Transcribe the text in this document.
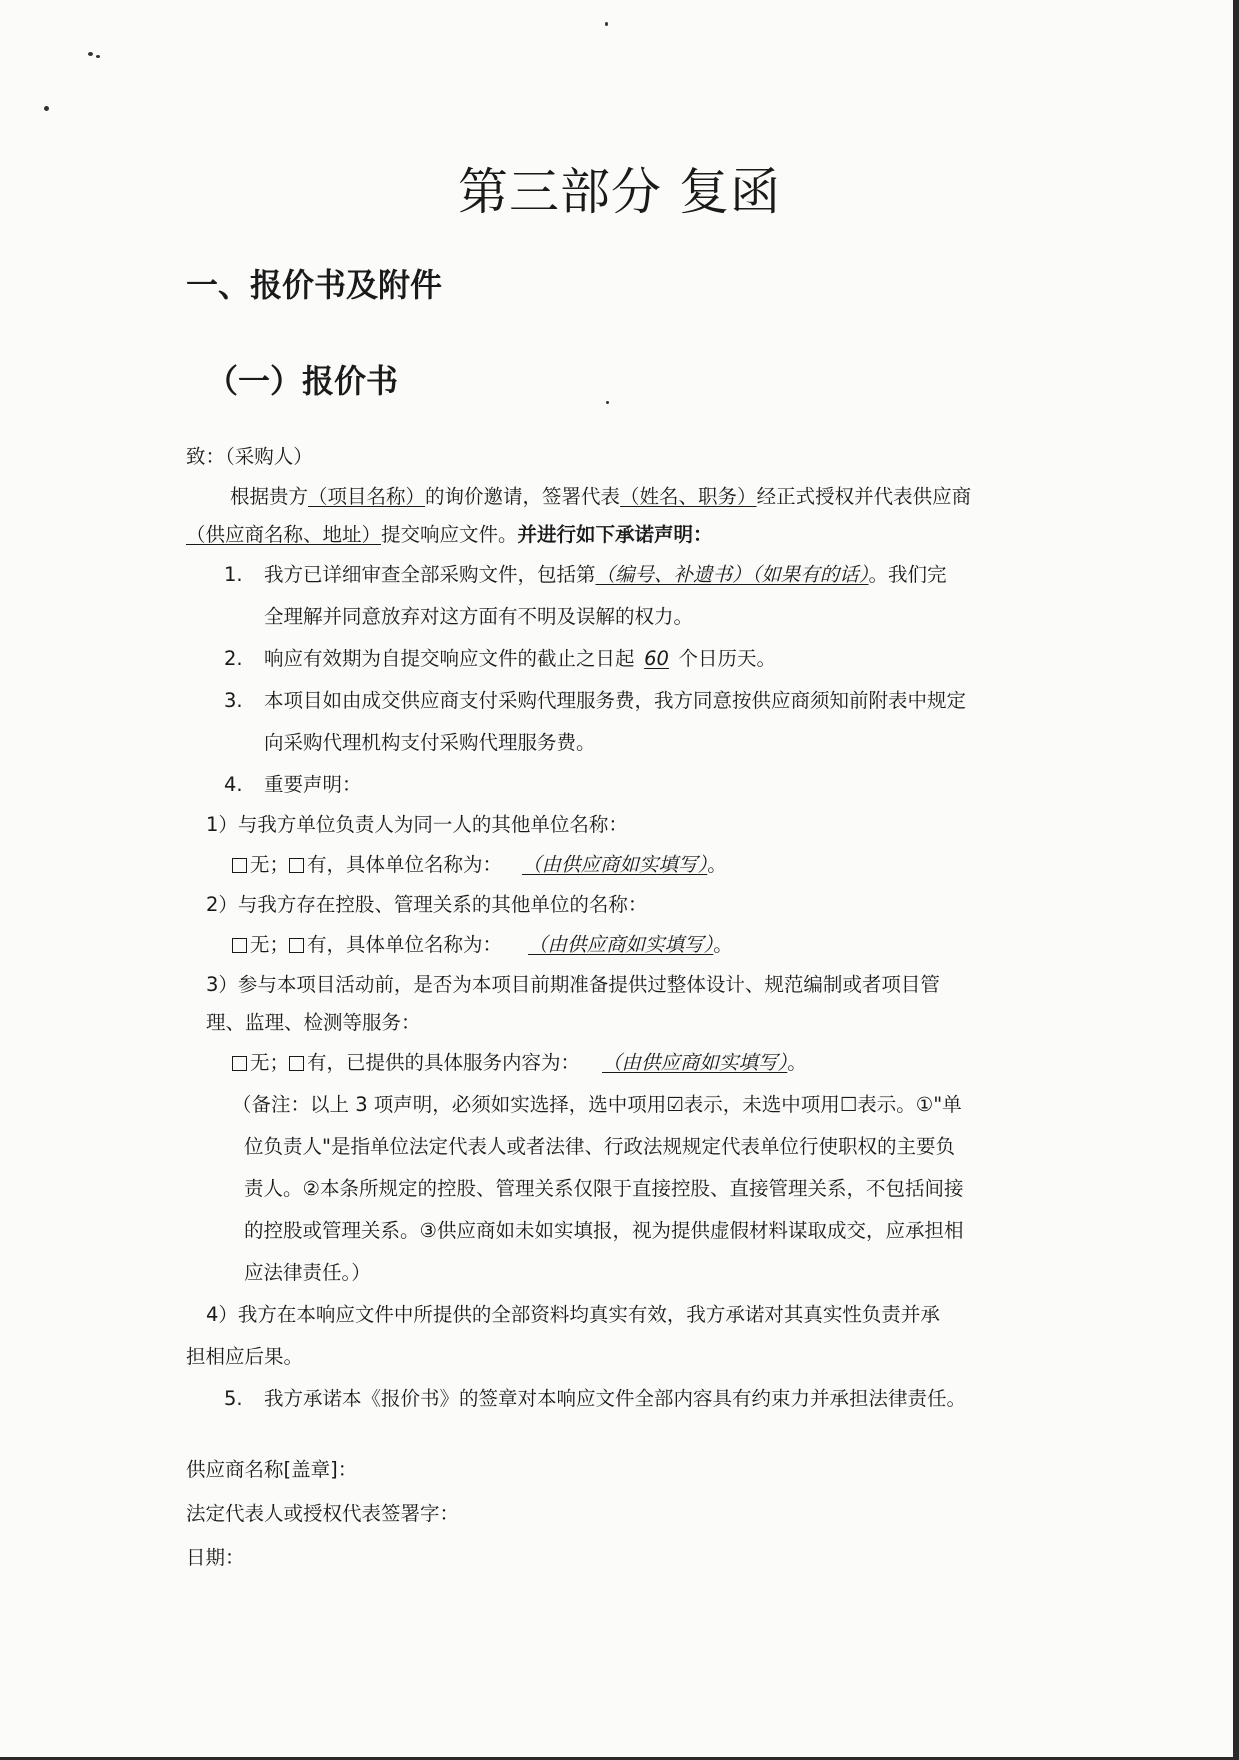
第三部分 复函
一、报价书及附件
（一）报价书
致：（采购人）
根据贵方（项目名称）的询价邀请，签署代表（姓名、职务）经正式授权并代表供应商
（供应商名称、地址）提交响应文件。并进行如下承诺声明：
1. 我方已详细审查全部采购文件，包括第（编号、补遗书）（如果有的话）。我们完
全理解并同意放弃对这方面有不明及误解的权力。
2. 响应有效期为自提交响应文件的截止之日起 60 个日历天。
3. 本项目如由成交供应商支付采购代理服务费，我方同意按供应商须知前附表中规定
向采购代理机构支付采购代理服务费。
4. 重要声明：
1）与我方单位负责人为同一人的其他单位名称：
无； 有，具体单位名称为： （由供应商如实填写）。
2）与我方存在控股、管理关系的其他单位的名称：
无； 有，具体单位名称为： （由供应商如实填写）。
3）参与本项目活动前，是否为本项目前期准备提供过整体设计、规范编制或者项目管
理、监理、检测等服务：
无； 有，已提供的具体服务内容为： （由供应商如实填写）。
（备注：以上 3 项声明，必须如实选择，选中项用☑表示，未选中项用☐表示。①"单
位负责人"是指单位法定代表人或者法律、行政法规规定代表单位行使职权的主要负
责人。②本条所规定的控股、管理关系仅限于直接控股、直接管理关系，不包括间接
的控股或管理关系。③供应商如未如实填报，视为提供虚假材料谋取成交，应承担相
应法律责任。）
4）我方在本响应文件中所提供的全部资料均真实有效，我方承诺对其真实性负责并承
担相应后果。
5. 我方承诺本《报价书》的签章对本响应文件全部内容具有约束力并承担法律责任。
供应商名称[盖章]：
法定代表人或授权代表签署字：
日期：
